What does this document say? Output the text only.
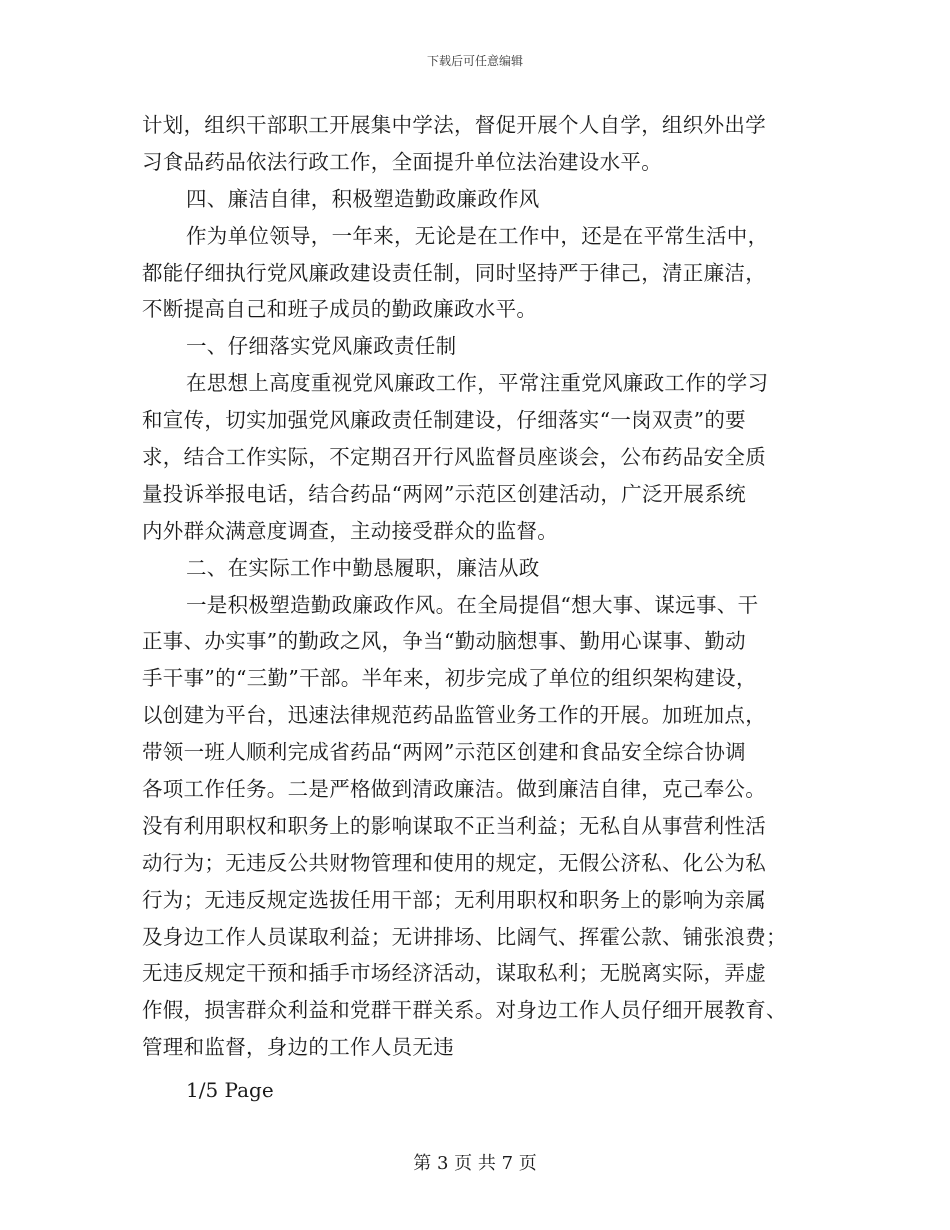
下载后可任意编辑
计划，组织干部职工开展集中学法，督促开展个人自学，组织外出学
习食品药品依法行政工作，全面提升单位法治建设水平。
四、廉洁自律，积极塑造勤政廉政作风
作为单位领导，一年来，无论是在工作中，还是在平常生活中，
都能仔细执行党风廉政建设责任制，同时坚持严于律己，清正廉洁，
不断提高自己和班子成员的勤政廉政水平。
一、仔细落实党风廉政责任制
在思想上高度重视党风廉政工作，平常注重党风廉政工作的学习
和宣传，切实加强党风廉政责任制建设，仔细落实“一岗双责”的要
求，结合工作实际，不定期召开行风监督员座谈会，公布药品安全质
量投诉举报电话，结合药品“两网”示范区创建活动，广泛开展系统
内外群众满意度调查，主动接受群众的监督。
二、在实际工作中勤恳履职，廉洁从政
一是积极塑造勤政廉政作风。在全局提倡“想大事、谋远事、干
正事、办实事”的勤政之风，争当“勤动脑想事、勤用心谋事、勤动
手干事”的“三勤”干部。半年来，初步完成了单位的组织架构建设，
以创建为平台，迅速法律规范药品监管业务工作的开展。加班加点，
带领一班人顺利完成省药品“两网”示范区创建和食品安全综合协调
各项工作任务。二是严格做到清政廉洁。做到廉洁自律，克己奉公。
没有利用职权和职务上的影响谋取不正当利益；无私自从事营利性活
动行为；无违反公共财物管理和使用的规定，无假公济私、化公为私
行为；无违反规定选拔任用干部；无利用职权和职务上的影响为亲属
及身边工作人员谋取利益；无讲排场、比阔气、挥霍公款、铺张浪费；
无违反规定干预和插手市场经济活动，谋取私利；无脱离实际，弄虚
作假，损害群众利益和党群干群关系。对身边工作人员仔细开展教育、
管理和监督，身边的工作人员无违
1/5 Page
第 3 页 共 7 页
